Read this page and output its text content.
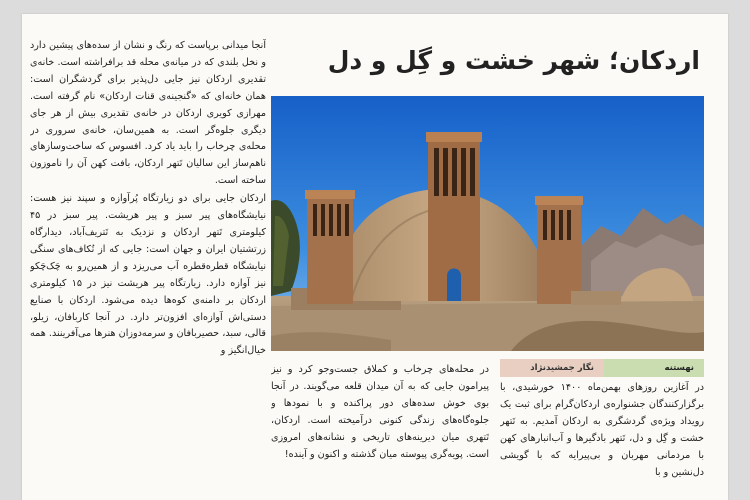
آنجا میدانی برپاست که رنگ و نشان از سده‌های پیشین دارد و نخل بلندی که در میانه‌ی محله قد برافراشته است. خانه‌ی تقدیری اردکان نیز جایی دل‌پذیر برای گردشگران است: همان خانه‌ای که «گنجینه‌ی قنات اردکان» نام گرفته است. مهرازی کویری اردکان در خانه‌ی تقدیری بیش از هر جای دیگری جلوه‌گر است. به همین‌سان، خانه‌ی سروری در محله‌ی چرخاب را باید یاد کرد. افسوس که ساخت‌وسازهای ناهم‌ساز این سالیان تَتهر اردکان، بافت کهن آن را ناموزون ساخته است.

اردکان جایی برای دو زیارتگاه پُرآوازه و سپند نیز هست: نیایشگاه‌های پیر سبز و پیر هریشت. پیر سبز در ۴۵ کیلومتری تَتهر اردکان و نزدیک به تَتریف‌آباد، دیدارگاه زرتشتیان ایران و جهان است: جایی که از تُکاف‌های سنگی نیایشگاه قطره‌قطره آب می‌ریزد و از همین‌رو به چَک‌چَکو نیز آوازه دارد. زیارتگاه پیر هریشت نیز در ۱۵ کیلومتری اردکان بر دامنه‌ی کوه‌ها دیده می‌شود. اردکان با صنایع دستی‌اش آوازه‌ای افزون‌تر دارد. در آنجا کاربافان، زیلو، قالی، سبد، حصیربافان و سرمه‌دوزان هنرها می‌آفرینند. همه خیال‌انگیز و

اردکان؛ شهر خشت و گِل و دل
نهستنه
نگار جمشیدنژاد

در محله‌های چرخاب و کملاق جست‌وجو کرد و نیز پیرامون جایی که به آن میدان قلعه می‌گویند. در آنجا بوی خوش سده‌های دور پراکنده و با نمودها و جلوه‌گاه‌های زندگی کنونی درآمیخته است. اردکان، تَتهری میان دیرینه‌های تاریخی و نشانه‌های امروزی است. پویه‌گری پیوسته میان گذشته و اکنون و آینده!

در آغازین روزهای بهمن‌ماه ۱۴۰۰ خورشیدی، با برگزارکنندگان جشنواره‌ی اردکان‌گرام برای ثبت یک رویداد ویژه‌ی گردشگری به اردکان آمدیم. به تَتهر خشت و گِل و دل، تَتهر بادگیرها و آب‌انبارهای کهن با مردمانی مهربان و بی‌پیرایه که با گویشی دل‌نشین و با
